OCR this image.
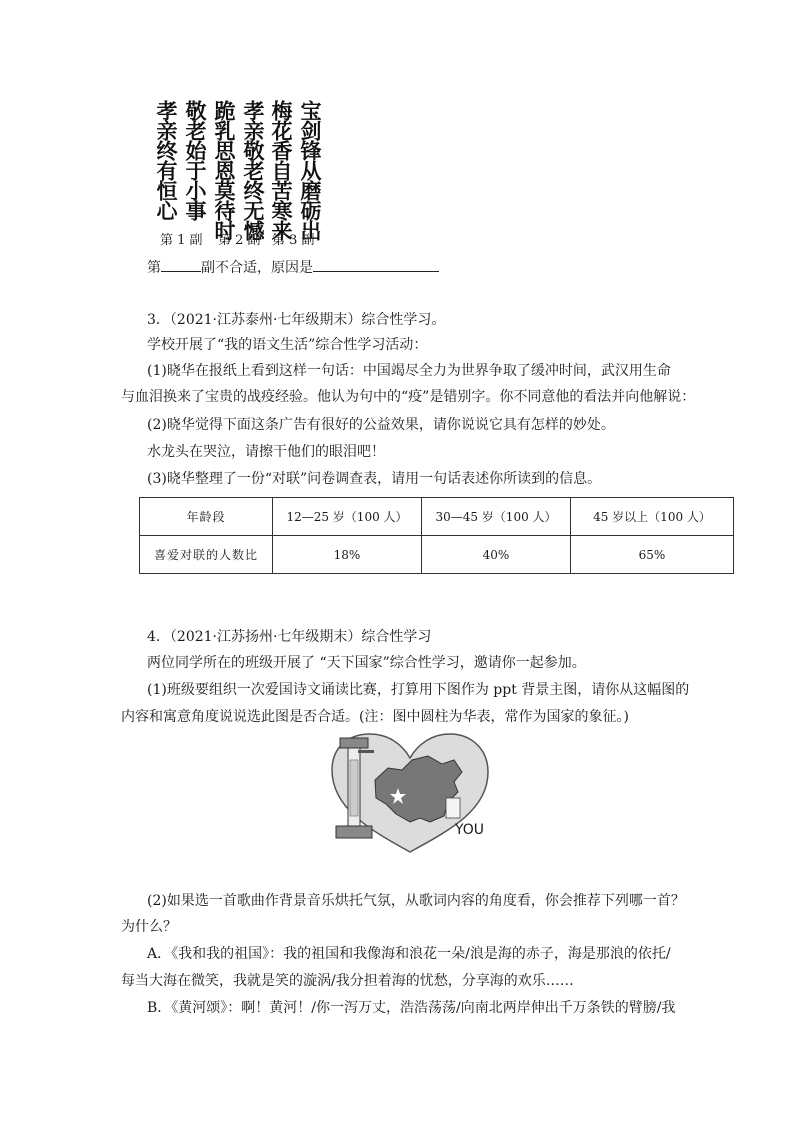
宝剑锋从磨砺出
梅花香自苦寒来
孝亲敬老终无憾
跪乳思恩莫待时
敬老始于小事
孝亲终有恒心
第 1 副 第 2 副 第 3 副
第	副不合适，原因是
3．（2021·江苏泰州·七年级期末）综合性学习。
学校开展了“我的语文生活”综合性学习活动：
(1)晓华在报纸上看到这样一句话：中国竭尽全力为世界争取了缓冲时间，武汉用生命
与血泪换来了宝贵的战疫经验。他认为句中的“疫”是错别字。你不同意他的看法并向他解说：
(2)晓华觉得下面这条广告有很好的公益效果，请你说说它具有怎样的妙处。
水龙头在哭泣，请擦干他们的眼泪吧！
(3)晓华整理了一份“对联”问卷调查表，请用一句话表述你所读到的信息。
年龄段	12—25 岁（100 人）	30—45 岁（100 人）	45 岁以上（100 人）
喜爱对联的人数比	18%	40%	65%
4．（2021·江苏扬州·七年级期末）综合性学习
两位同学所在的班级开展了 “天下国家”综合性学习，邀请你一起参加。
(1)班级要组织一次爱国诗文诵读比赛，打算用下图作为 ppt 背景主图，请你从这幅图的
内容和寓意角度说说选此图是否合适。(注：图中圆柱为华表，常作为国家的象征。)
YOU
(2)如果选一首歌曲作背景音乐烘托气氛，从歌词内容的角度看，你会推荐下列哪一首？
为什么？
A．《我和我的祖国》：我的祖国和我像海和浪花一朵/浪是海的赤子，海是那浪的依托/
每当大海在微笑，我就是笑的漩涡/我分担着海的忧愁，分享海的欢乐……
B．《黄河颂》：啊！黄河！/你一泻万丈，浩浩荡荡/向南北两岸伸出千万条铁的臂膀/我
